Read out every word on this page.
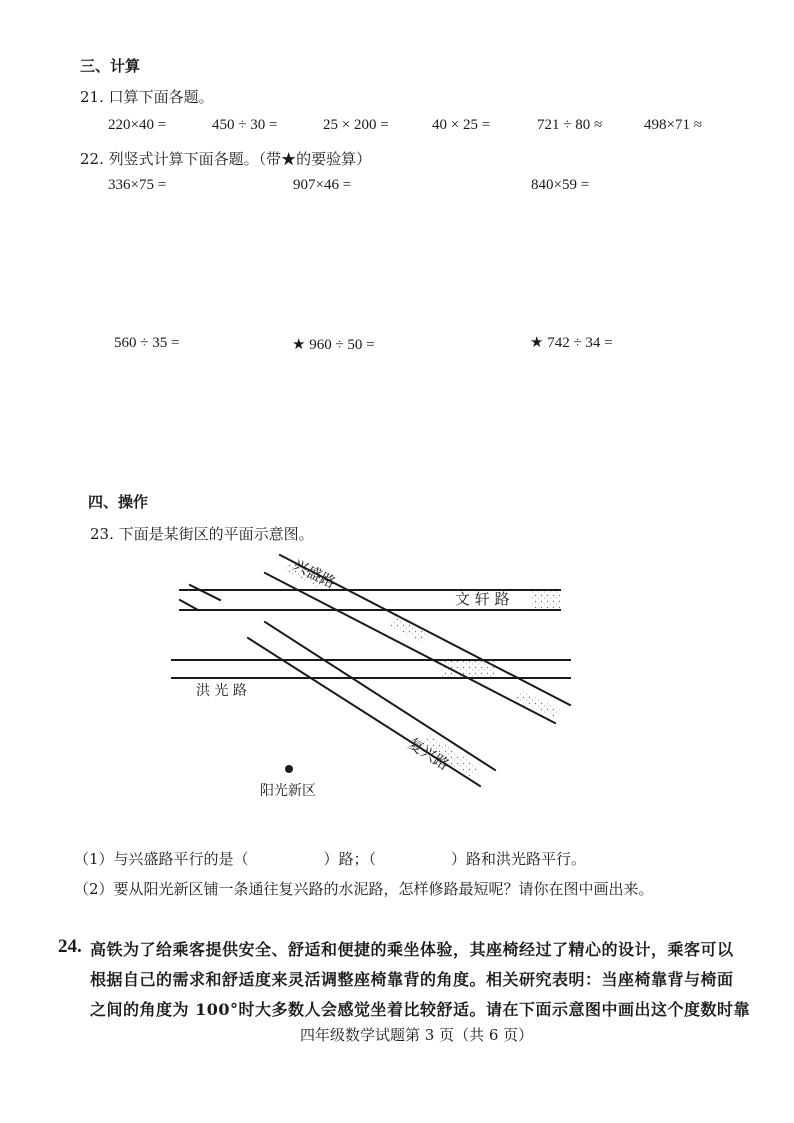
三、计算
21. 口算下面各题。
220×40 =	450 ÷ 30 =	25 × 200 =	40 × 25 =	721 ÷ 80 ≈	498×71 ≈
22. 列竖式计算下面各题。（带★的要验算）
336×75 =	907×46 =	840×59 =
560 ÷ 35 =	★ 960 ÷ 50 =	★ 742 ÷ 34 =
四、操作
23. 下面是某街区的平面示意图。
兴盛路
文 轩 路
洪 光 路
复兴路
阳光新区
（1）与兴盛路平行的是（　　　　　）路；（　　　　　）路和洪光路平行。
（2）要从阳光新区铺一条通往复兴路的水泥路，怎样修路最短呢？请你在图中画出来。
24. 高铁为了给乘客提供安全、舒适和便捷的乘坐体验，其座椅经过了精心的设计，乘客可以
根据自己的需求和舒适度来灵活调整座椅靠背的角度。相关研究表明：当座椅靠背与椅面
之间的角度为 100°时大多数人会感觉坐着比较舒适。请在下面示意图中画出这个度数时靠
四年级数学试题第 3 页（共 6 页）
